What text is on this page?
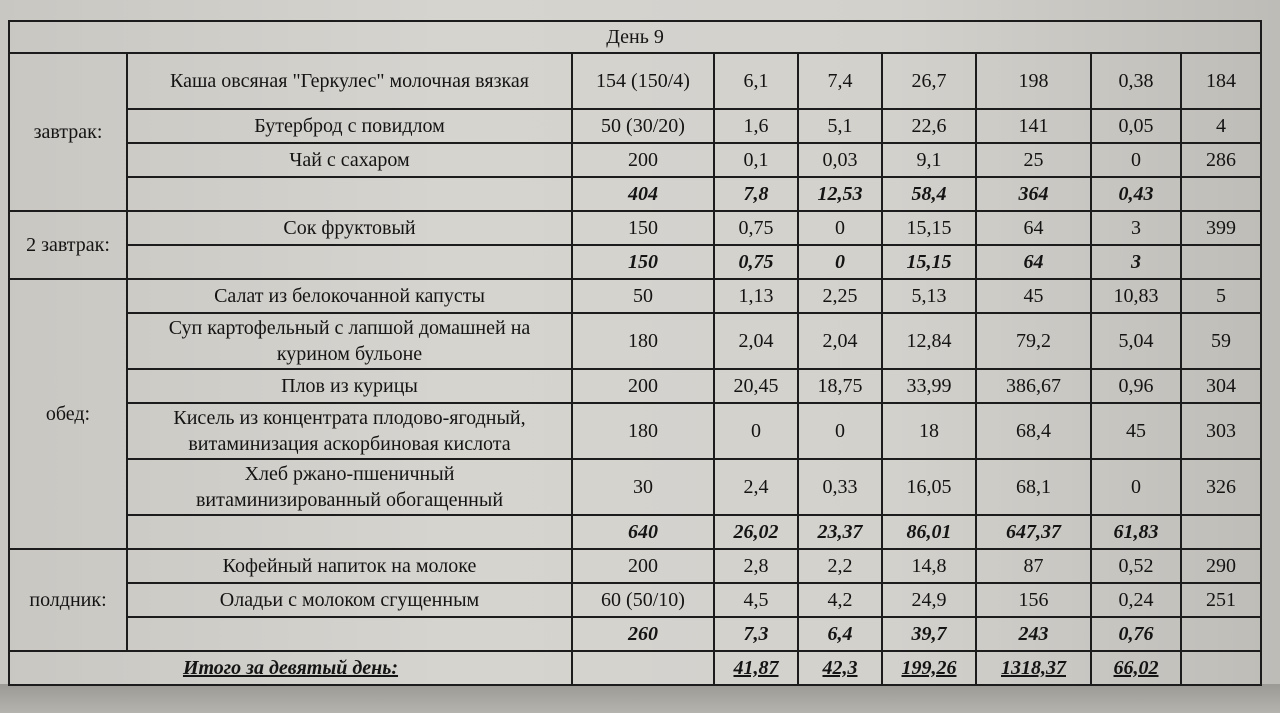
День 9								
завтрак:	Каша овсяная "Геркулес" молочная вязкая	154 (150/4)	6,1	7,4	26,7	198	0,38	184
	Бутерброд с повидлом	50 (30/20)	1,6	5,1	22,6	141	0,05	4
	Чай с сахаром	200	0,1	0,03	9,1	25	0	286
		404	7,8	12,53	58,4	364	0,43	
2 завтрак:	Сок фруктовый	150	0,75	0	15,15	64	3	399
		150	0,75	0	15,15	64	3	
обед:	Салат из белокочанной капусты	50	1,13	2,25	5,13	45	10,83	5

	Суп картофельный с лапшой домашней на
курином бульоне	180	2,04	2,04	12,84	79,2	5,04	59
	Плов из курицы	200	20,45	18,75	33,99	386,67	0,96	304

	Кисель из концентрата плодово-ягодный,
витаминизация аскорбиновая кислота	180	0	0	18	68,4	45	303

	Хлеб ржано-пшеничный
витаминизированный обогащенный	30	2,4	0,33	16,05	68,1	0	326
		640	26,02	23,37	86,01	647,37	61,83	
полдник:	Кофейный напиток на молоке	200	2,8	2,2	14,8	87	0,52	290
	Оладьи с молоком сгущенным	60 (50/10)	4,5	4,2	24,9	156	0,24	251
		260	7,3	6,4	39,7	243	0,76	
Итого за девятый день:			41,87	42,3	199,26	1318,37	66,02	
